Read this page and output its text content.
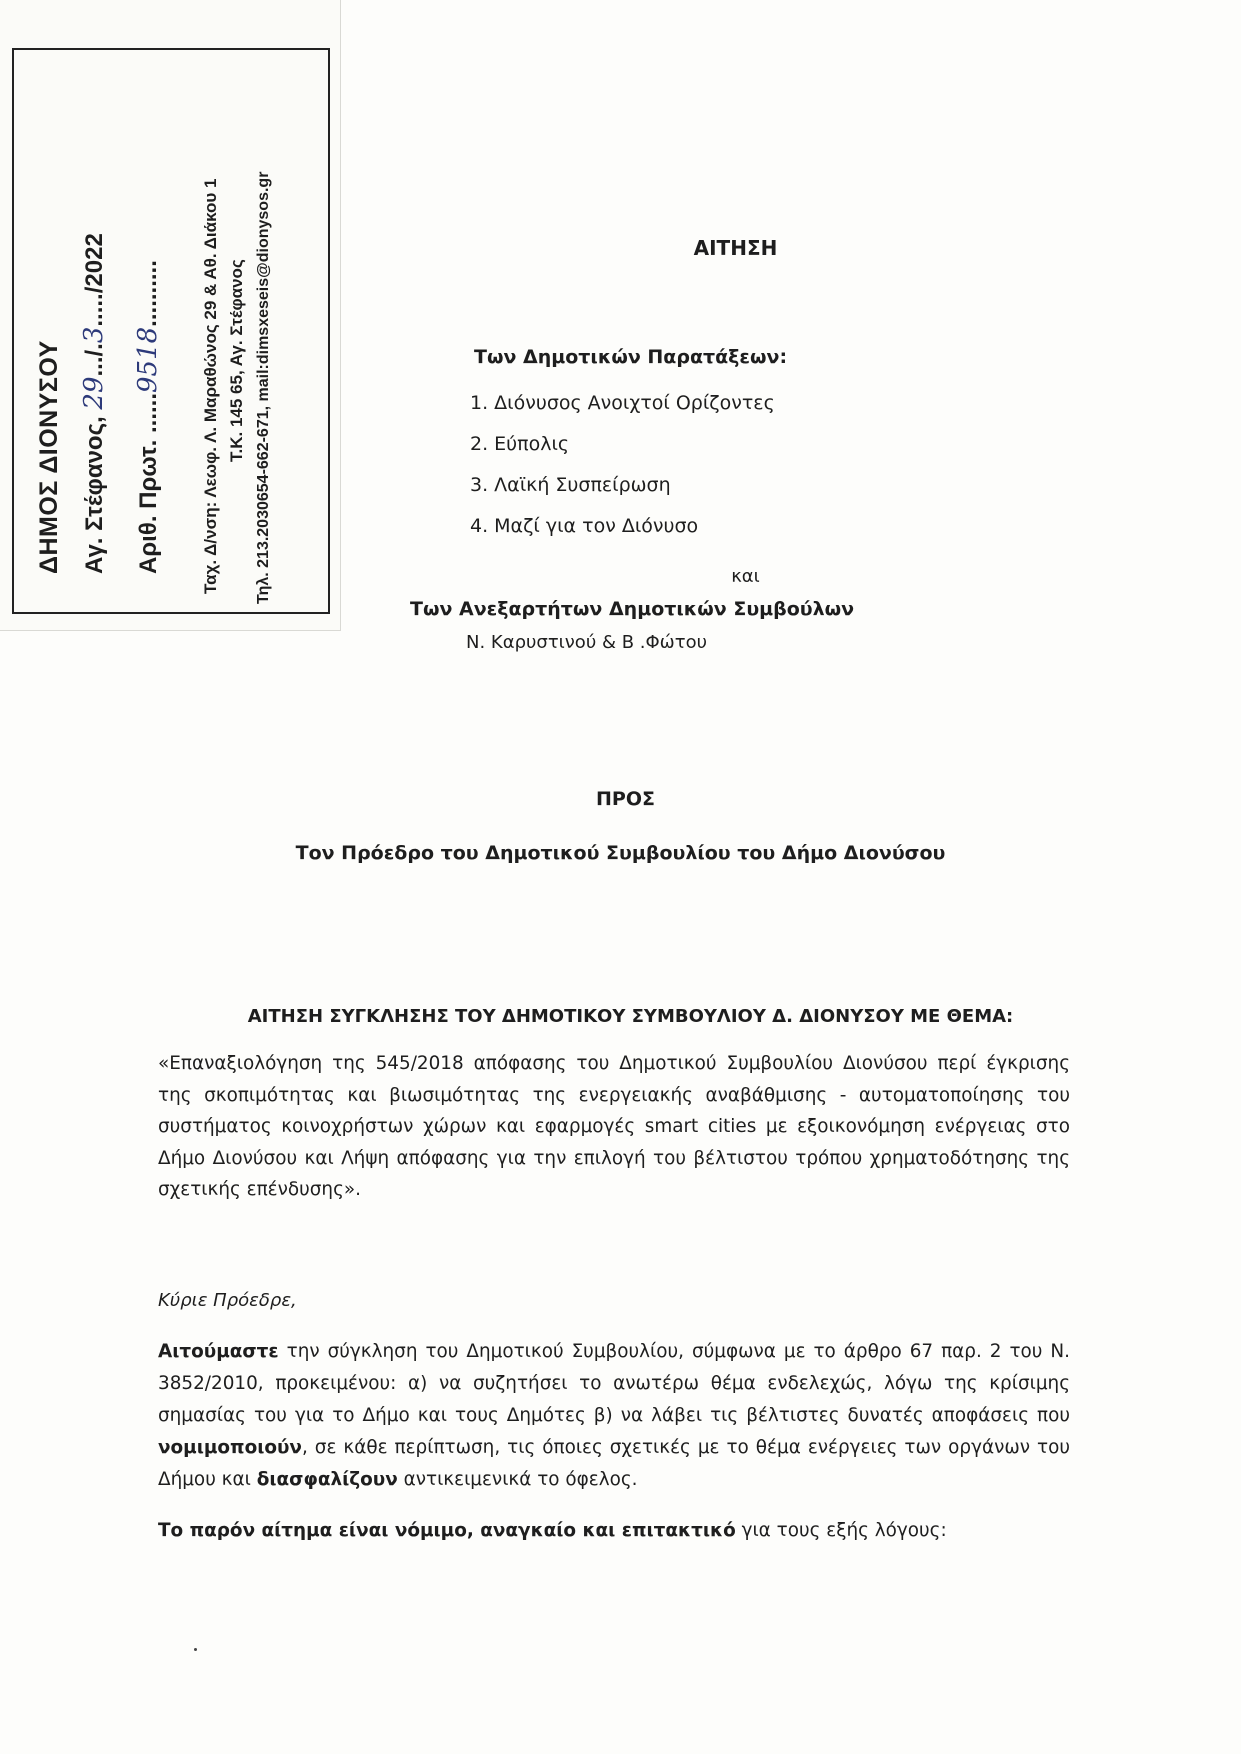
ΔΗΜΟΣ ΔΙΟΝΥΣΟΥ Αγ. Στέφανος, 29.../.3...../2022
Αριθ. Πρωτ. ......9518.......... Ταχ. Δ/νση: Λεωφ. Λ. Μαραθώνος 29 & Αθ. Διάκου 1 Τ.Κ. 145 65, Αγ. Στέφανος Τηλ. 213.2030654-662-671, mail:dimsxeseis@dionysos.gr	ΑΙΤΗΣΗ
Των Δημοτικών Παρατάξεων:
1. Διόνυσος Ανοιχτοί Ορίζοντες
2. Εύπολις
3. Λαϊκή Συσπείρωση
4. Μαζί για τον Διόνυσο
και
Των Ανεξαρτήτων Δημοτικών Συμβούλων
Ν. Καρυστινού & Β .Φώτου
ΠΡΟΣ
Τον Πρόεδρο του Δημοτικού Συμβουλίου του Δήμο Διονύσου
ΑΙΤΗΣΗ ΣΥΓΚΛΗΣΗΣ ΤΟΥ ΔΗΜΟΤΙΚΟΥ ΣΥΜΒΟΥΛΙΟΥ Δ. ΔΙΟΝΥΣΟΥ ΜΕ ΘΕΜΑ:

«Επαναξιολόγηση της 545/2018 απόφασης του Δημοτικού Συμβουλίου Διονύσου περί έγκρισης της σκοπιμότητας και βιωσιμότητας της ενεργειακής αναβάθμισης - αυτοματοποίησης του συστήματος κοινοχρήστων χώρων και εφαρμογές smart cities με εξοικονόμηση ενέργειας στο Δήμο Διονύσου και Λήψη απόφασης για την επιλογή του βέλτιστου τρόπου χρηματοδότησης της σχετικής επένδυσης».

Κύριε Πρόεδρε,

Αιτούμαστε την σύγκληση του Δημοτικού Συμβουλίου, σύμφωνα με το άρθρο 67 παρ. 2 του Ν. 3852/2010, προκειμένου: α) να συζητήσει το ανωτέρω θέμα ενδελεχώς, λόγω της κρίσιμης σημασίας του για το Δήμο και τους Δημότες β) να λάβει τις βέλτιστες δυνατές αποφάσεις που νομιμοποιούν, σε κάθε περίπτωση, τις όποιες σχετικές με το θέμα ενέργειες των οργάνων του Δήμου και διασφαλίζουν αντικειμενικά το όφελος.

Το παρόν αίτημα είναι νόμιμο, αναγκαίο και επιτακτικό για τους εξής λόγους:
